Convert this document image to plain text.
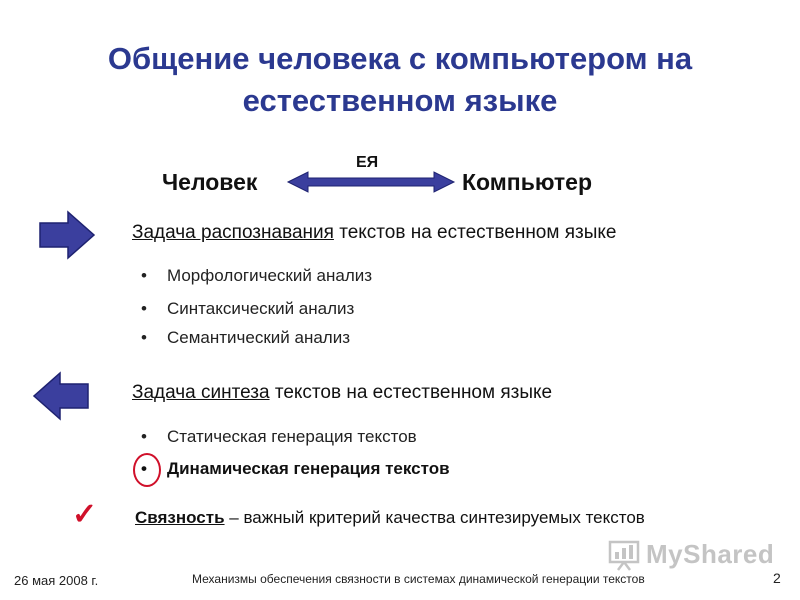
Общение человека с компьютером на
естественном языке
Человек
ЕЯ
Компьютер
Задача распознавания текстов на естественном языке
• Морфологический анализ
• Синтаксический анализ
• Семантический анализ
Задача синтеза текстов на естественном языке
• Статическая генерация текстов
• Динамическая генерация текстов
✓ Связность – важный критерий качества синтезируемых текстов
MyShared
26 мая 2008 г.	Механизмы обеспечения связности в системах динамической генерации текстов	2
